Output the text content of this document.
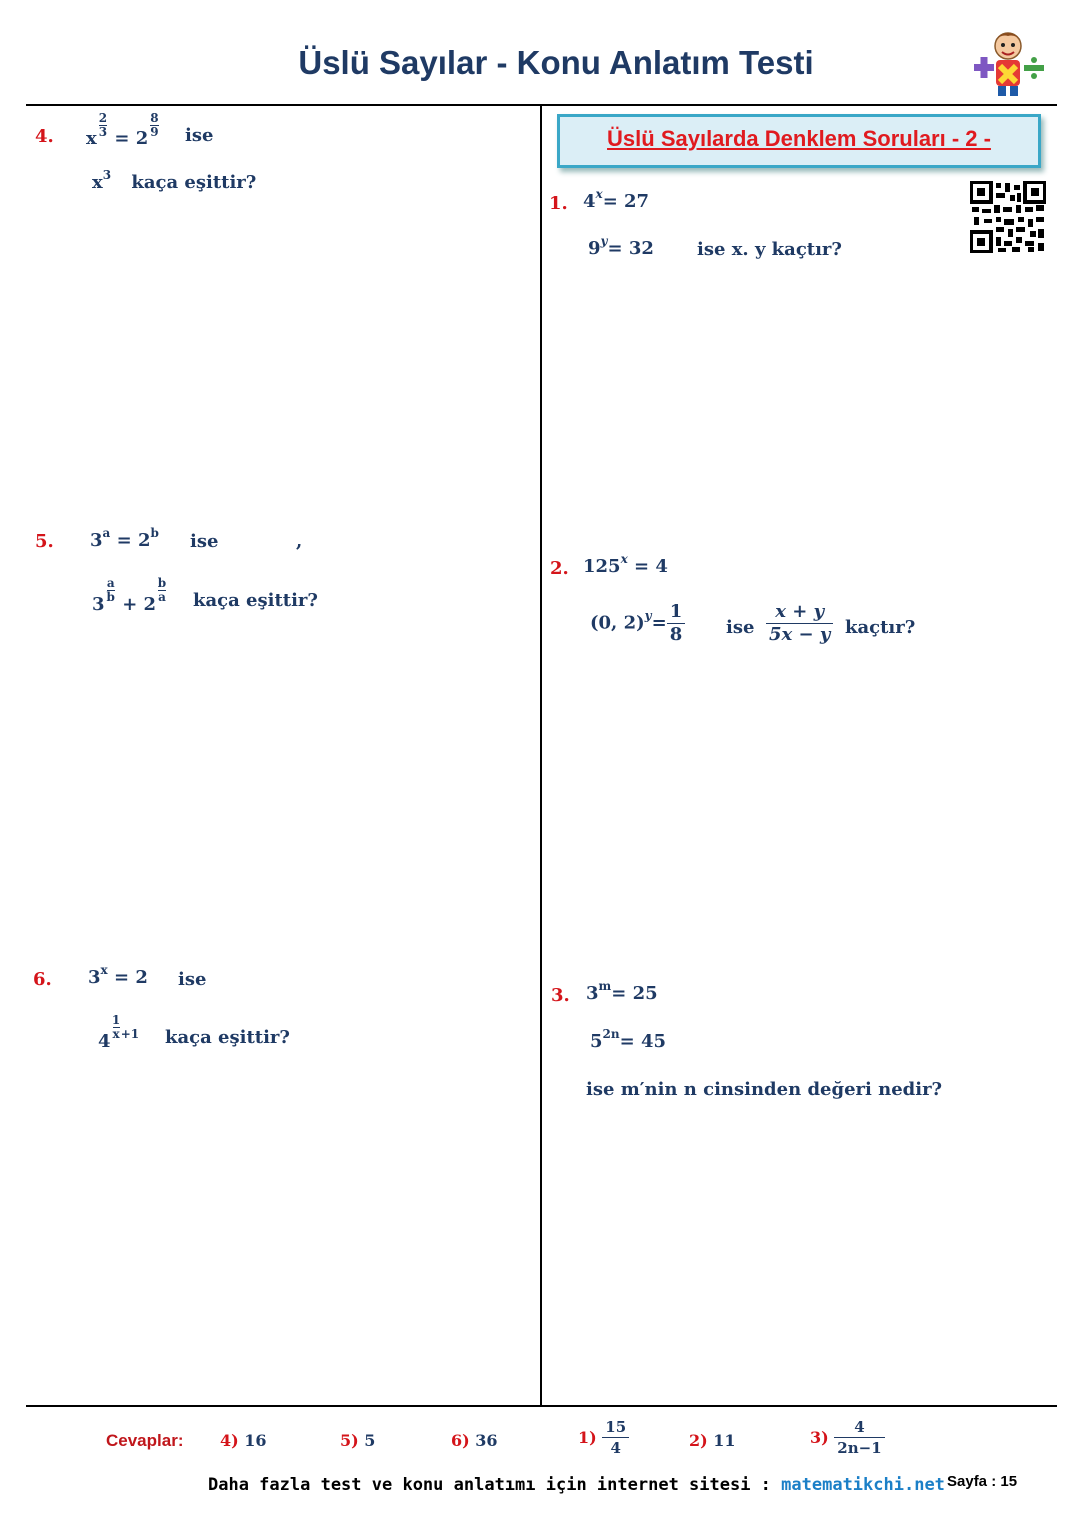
Üslü Sayılar - Konu Anlatım Testi
Üslü Sayılarda Denklem Soruları - 2 -
4. $x\frac{2}{3} = 2\frac{8}{9}$ ise
$x^3$ kaça eşittir?
5. $3^a = 2^b$ ise	,
$3\frac{a}{b}$
+ $2\frac{b}{a}$ kaça eşittir?
6. $3^x = 2$ ise
$4\frac{1}{x} ^{+1}$ kaça eşittir?
1. $4^x= 27$
$9^y= 32$ ise x. y kaçtır?
2. $125^x = 4$
(0, $2)^y= \frac{1}{8}$ ise $\frac{x + y}{5x - y}$ kaçtır?
3. $3^m= 25$
$5^{2n}= 45$
ise m′nin n cinsinden değeri nedir?
Cevaplar: 4) 16	5) 5	6) 36	$1) \frac{15}{4}$	2) 11	$3) \frac{4}{2n-1}$
Daha fazla test ve konu anlatımı için internet sitesi : matematikchi.net Sayfa : 15
